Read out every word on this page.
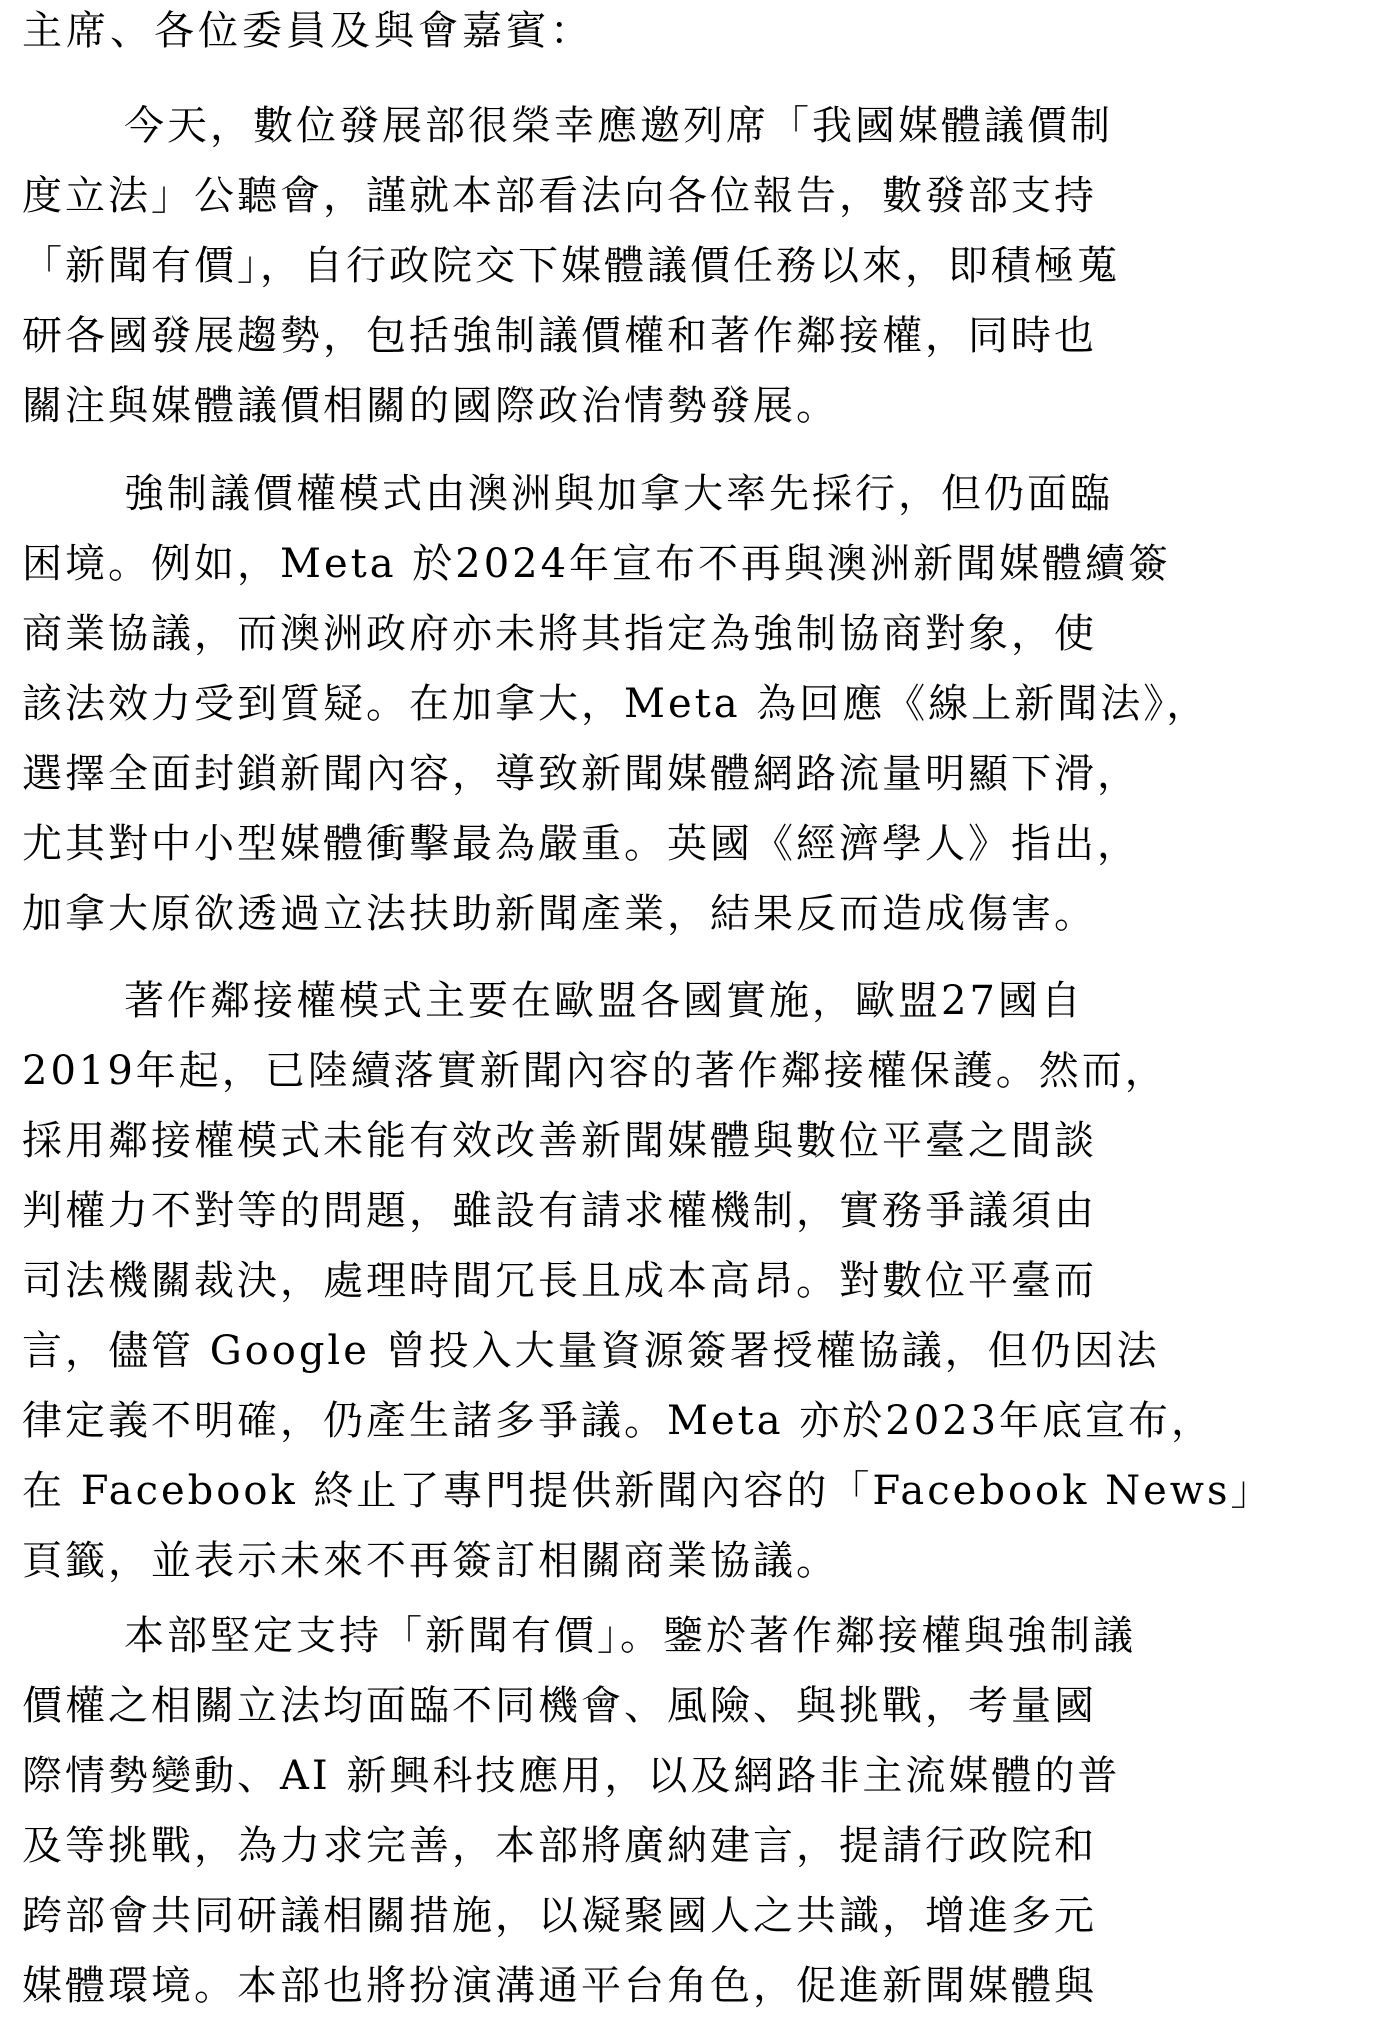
主席、各位委員及與會嘉賓：
今天，數位發展部很榮幸應邀列席「我國媒體議價制
度立法」公聽會，謹就本部看法向各位報告，數發部支持
「新聞有價」，自行政院交下媒體議價任務以來，即積極蒐
研各國發展趨勢，包括強制議價權和著作鄰接權，同時也
關注與媒體議價相關的國際政治情勢發展。
強制議價權模式由澳洲與加拿大率先採行，但仍面臨
困境。例如，Meta 於2024年宣布不再與澳洲新聞媒體續簽
商業協議，而澳洲政府亦未將其指定為強制協商對象，使
該法效力受到質疑。在加拿大，Meta 為回應《線上新聞法》，
選擇全面封鎖新聞內容，導致新聞媒體網路流量明顯下滑，
尤其對中小型媒體衝擊最為嚴重。英國《經濟學人》指出，
加拿大原欲透過立法扶助新聞產業，結果反而造成傷害。
著作鄰接權模式主要在歐盟各國實施，歐盟27國自
2019年起，已陸續落實新聞內容的著作鄰接權保護。然而，
採用鄰接權模式未能有效改善新聞媒體與數位平臺之間談
判權力不對等的問題，雖設有請求權機制，實務爭議須由
司法機關裁決，處理時間冗長且成本高昂。對數位平臺而
言，儘管 Google 曾投入大量資源簽署授權協議，但仍因法
律定義不明確，仍產生諸多爭議。Meta 亦於2023年底宣布，
在 Facebook 終止了專門提供新聞內容的「Facebook News」
頁籤，並表示未來不再簽訂相關商業協議。
本部堅定支持「新聞有價」。鑒於著作鄰接權與強制議
價權之相關立法均面臨不同機會、風險、與挑戰，考量國
際情勢變動、AI 新興科技應用，以及網路非主流媒體的普
及等挑戰，為力求完善，本部將廣納建言，提請行政院和
跨部會共同研議相關措施，以凝聚國人之共識，增進多元
媒體環境。本部也將扮演溝通平台角色，促進新聞媒體與
